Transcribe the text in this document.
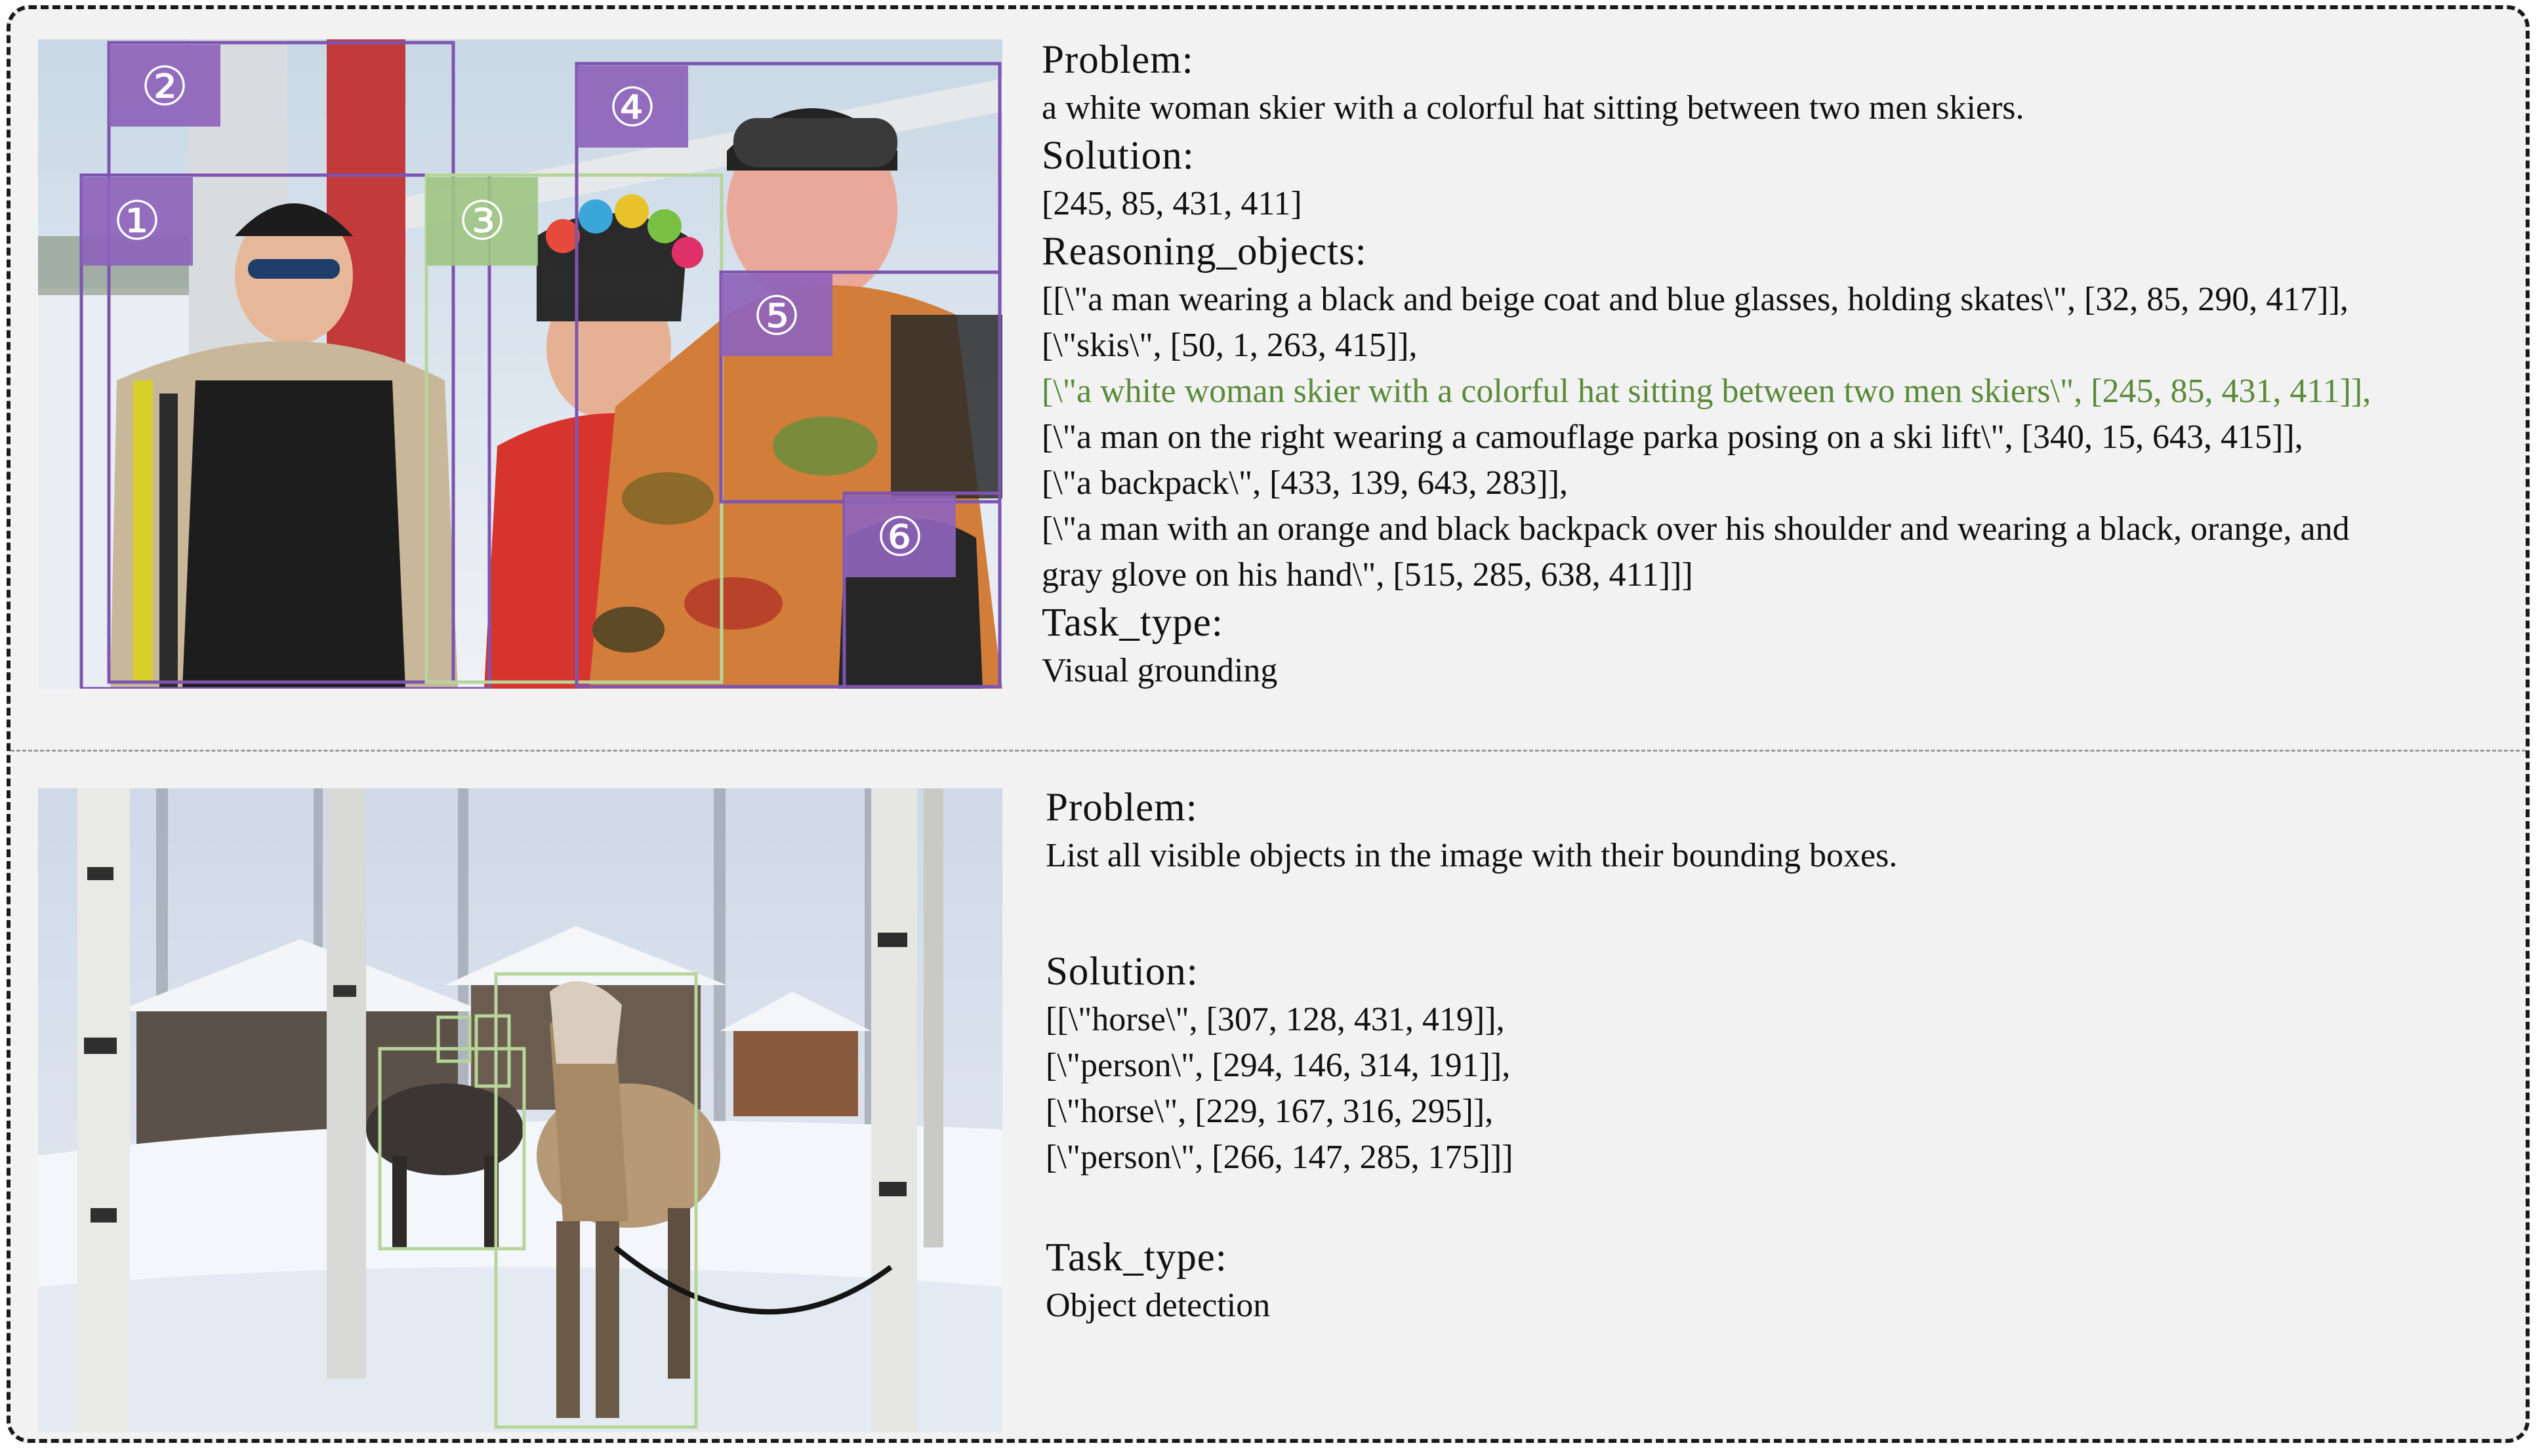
①
②
③
④
⑤
⑥
Problem:
a white woman skier with a colorful hat sitting between two men skiers.
Solution:
[245, 85, 431, 411]
Reasoning_objects:
[[\"a man wearing a black and beige coat and blue glasses, holding skates\", [32, 85, 290, 417]],
[\"skis\", [50, 1, 263, 415]],
[\"a white woman skier with a colorful hat sitting between two men skiers\", [245, 85, 431, 411]],
[\"a man on the right wearing a camouflage parka posing on a ski lift\", [340, 15, 643, 415]],
[\"a backpack\", [433, 139, 643, 283]],
[\"a man with an orange and black backpack over his shoulder and wearing a black, orange, and
gray glove on his hand\", [515, 285, 638, 411]]]
Task_type:
Visual grounding
Problem:
List all visible objects in the image with their bounding boxes.
Solution:
[[\"horse\", [307, 128, 431, 419]],
[\"person\", [294, 146, 314, 191]],
[\"horse\", [229, 167, 316, 295]],
[\"person\", [266, 147, 285, 175]]]
Task_type:
Object detection
